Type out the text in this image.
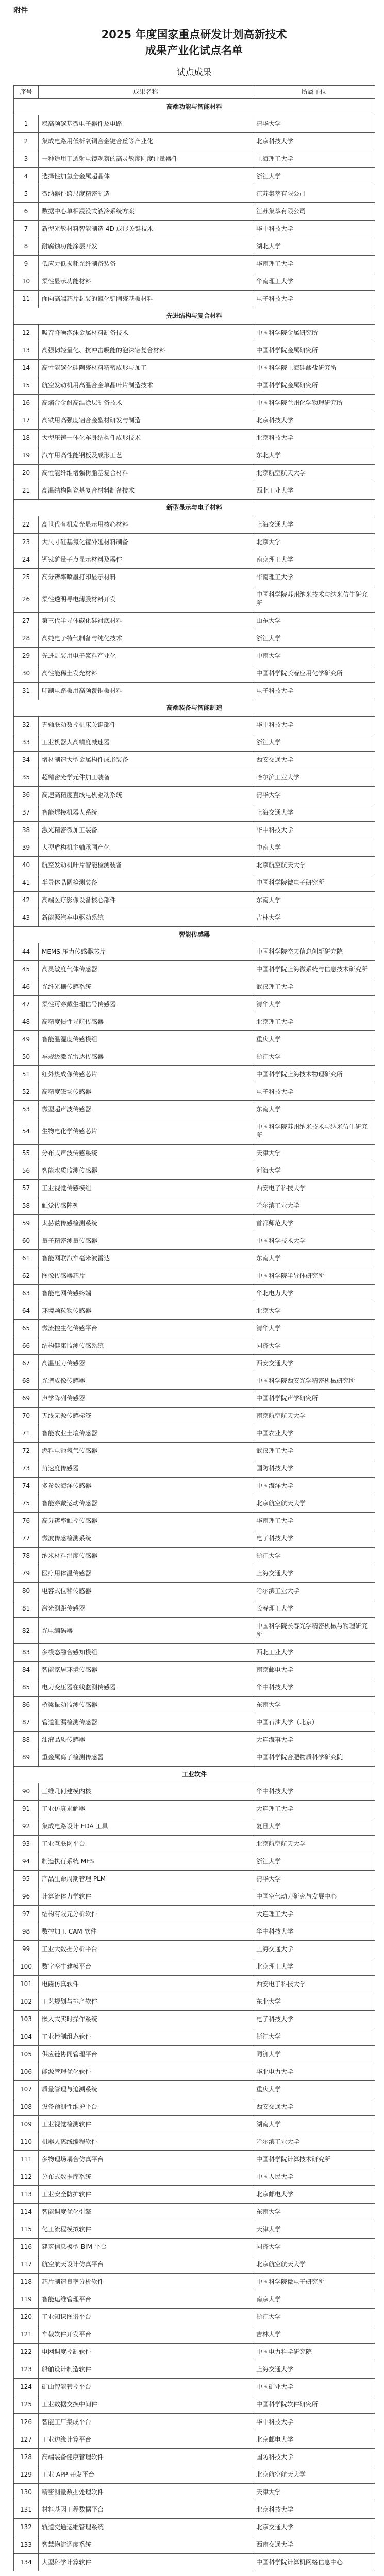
附件
2025 年度国家重点研发计划高新技术
成果产业化试点名单
试点成果
序号	成果名称	所属单位
高端功能与智能材料		
1	稳高频碳基微电子器件及电路	清华大学
2	集成电路用低析氧铜合金键合丝等产业化	北京科技大学
3	一种适用于透射电镜观察的高灵敏度刚度计量器件	上海理工大学
4	选择性加氢全金属超晶体	浙江大学
5	微纳器件跨尺度精密制造	江苏集萃有限公司
6	数据中心单相浸没式液冷系统方案	江苏集萃有限公司
7	新型光敏材料智能制造 4D 成形关键技术	华中科技大学
8	耐腐蚀功能涂层开发	湖北大学
9	低应力低损耗光纤制备装备	华南理工大学
10	柔性显示功能材料	华南理工大学
11	面向高端芯片封装的氮化铝陶瓷基板材料	电子科技大学
先进结构与复合材料		
12	吸音降噪泡沫金属材料制备技术	中国科学院金属研究所
13	高强韧轻量化、抗冲击吸能的泡沫铝复合材料	中国科学院金属研究所
14	高性能碳化硅陶瓷材料精密成形与加工	中国科学院上海硅酸盐研究所
15	航空发动机用高温合金单晶叶片制造技术	中国科学院金属研究所
16	高熵合金耐高温涂层制备技术	中国科学院兰州化学物理研究所
17	高铁用高强度铝合金型材研发与制造	北京科技大学
18	大型压铸一体化车身结构件成形技术	北京科技大学
19	汽车用高性能钢板及成形工艺	东北大学
20	高性能纤维增强树脂基复合材料	北京航空航天大学
21	高温结构陶瓷基复合材料制备技术	西北工业大学
新型显示与电子材料		
22	高世代有机发光显示用核心材料	上海交通大学
23	大尺寸硅基氮化镓外延材料制备	北京大学
24	钙钛矿量子点显示材料及器件	南京理工大学
25	高分辨率喷墨打印显示材料	华南理工大学
26	柔性透明导电薄膜材料开发	中国科学院苏州纳米技术与纳米仿生研究所
27	第三代半导体碳化硅衬底材料	山东大学
28	高纯电子特气制备与纯化技术	浙江大学
29	先进封装用电子浆料产业化	中南大学
30	高性能稀土发光材料	中国科学院长春应用化学研究所
31	印制电路板用高频覆铜板材料	电子科技大学
高端装备与智能制造		
32	五轴联动数控机床关键部件	华中科技大学
33	工业机器人高精度减速器	浙江大学
34	增材制造大型金属构件成形装备	西安交通大学
35	超精密光学元件加工装备	哈尔滨工业大学
36	高速高精度直线电机驱动系统	清华大学
37	智能焊接机器人系统	上海交通大学
38	激光精密微加工装备	华中科技大学
39	大型盾构机主轴承国产化	中南大学
40	航空发动机叶片智能检测装备	北京航空航天大学
41	半导体晶圆检测装备	中国科学院微电子研究所
42	高端医疗影像设备核心部件	东南大学
43	新能源汽车电驱动系统	吉林大学
智能传感器		
44	MEMS 压力传感器芯片	中国科学院空天信息创新研究院
45	高灵敏度气体传感器	中国科学院上海微系统与信息技术研究所
46	光纤光栅传感系统	武汉理工大学
47	柔性可穿戴生理信号传感器	清华大学
48	高精度惯性导航传感器	北京理工大学
49	智能温湿度传感模组	重庆大学
50	车规级激光雷达传感器	浙江大学
51	红外热成像传感芯片	中国科学院上海技术物理研究所
52	高精度磁场传感器	电子科技大学
53	微型超声波传感器	东南大学
54	生物电化学传感芯片	中国科学院苏州纳米技术与纳米仿生研究所
55	分布式声波传感系统	天津大学
56	智能水质监测传感器	河海大学
57	工业视觉传感模组	西安电子科技大学
58	触觉传感阵列	哈尔滨工业大学
59	太赫兹传感检测系统	首都师范大学
60	量子精密测量传感器	中国科学技术大学
61	智能网联汽车毫米波雷达	东南大学
62	图像传感器芯片	中国科学院半导体研究所
63	智能电网传感终端	华北电力大学
64	环境颗粒物传感器	北京大学
65	微流控生化传感平台	清华大学
66	结构健康监测传感系统	同济大学
67	高温压力传感器	西安交通大学
68	光谱成像传感器	中国科学院西安光学精密机械研究所
69	声学阵列传感器	中国科学院声学研究所
70	无线无源传感标签	南京航空航天大学
71	智能农业土壤传感器	中国农业大学
72	燃料电池氢气传感器	武汉理工大学
73	角速度传感器	国防科技大学
74	多参数海洋传感器	中国海洋大学
75	智能穿戴运动传感器	北京航空航天大学
76	高分辨率触控传感器	华南理工大学
77	微波传感检测系统	电子科技大学
78	纳米材料湿度传感器	浙江大学
79	医疗用体温传感器	上海交通大学
80	电容式位移传感器	哈尔滨工业大学
81	激光测距传感器	长春理工大学
82	光电编码器	中国科学院长春光学精密机械与物理研究所
83	多模态融合感知模组	西北工业大学
84	智能家居环境传感器	南京邮电大学
85	电力变压器在线监测传感器	华中科技大学
86	桥梁振动监测传感器	东南大学
87	管道泄漏检测传感器	中国石油大学（北京）
88	油液品质传感器	大连海事大学
89	重金属离子检测传感器	中国科学院合肥物质科学研究院
工业软件		
90	三维几何建模内核	华中科技大学
91	工业仿真求解器	大连理工大学
92	集成电路设计 EDA 工具	复旦大学
93	工业互联网平台	北京航空航天大学
94	制造执行系统 MES	浙江大学
95	产品生命周期管理 PLM	清华大学
96	计算流体力学软件	中国空气动力研究与发展中心
97	结构有限元分析软件	大连理工大学
98	数控加工 CAM 软件	华中科技大学
99	工业大数据分析平台	上海交通大学
100	数字孪生建模平台	北京理工大学
101	电磁仿真软件	西安电子科技大学
102	工艺规划与排产软件	东北大学
103	嵌入式实时操作系统	电子科技大学
104	工业控制组态软件	浙江大学
105	供应链协同管理平台	同济大学
106	能源管理优化软件	华北电力大学
107	质量管理与追溯系统	重庆大学
108	设备预测性维护平台	西安交通大学
109	工业视觉检测软件	湖南大学
110	机器人离线编程软件	哈尔滨工业大学
111	多物理场耦合仿真平台	中国科学院计算技术研究所
112	分布式数据库系统	中国人民大学
113	工业安全防护软件	北京邮电大学
114	智能调度优化引擎	东南大学
115	化工流程模拟软件	天津大学
116	建筑信息模型 BIM 平台	同济大学
117	航空航天设计仿真平台	北京航空航天大学
118	芯片制造良率分析软件	中国科学院微电子研究所
119	智能运维管理平台	南京大学
120	工业知识图谱平台	浙江大学
121	车载软件开发平台	吉林大学
122	电网调度控制软件	中国电力科学研究院
123	船舶设计制造软件	上海交通大学
124	矿山智能管控平台	中国矿业大学
125	工业数据交换中间件	中国科学院软件研究所
126	智能工厂集成平台	华中科技大学
127	工业边缘计算平台	北京邮电大学
128	高端装备健康管理软件	国防科技大学
129	工业 APP 开发平台	北京航空航天大学
130	精密测量数据处理软件	天津大学
131	材料基因工程数据平台	北京科技大学
132	轨道交通运维管理系统	北京交通大学
133	智慧物流调度系统	西南交通大学
134	大型科学计算软件	中国科学院计算机网络信息中心
